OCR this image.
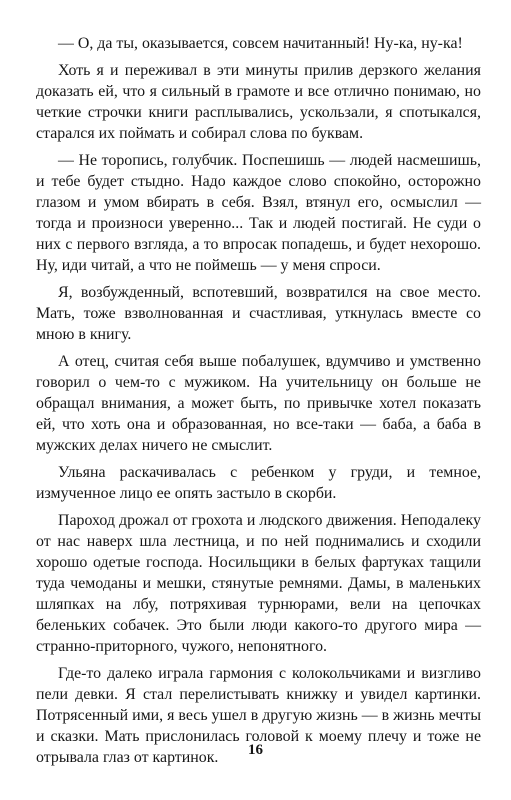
— О, да ты, оказывается, совсем начитанный! Ну-ка, ну-ка!

Хоть я и переживал в эти минуты прилив дерзкого желания доказать ей, что я сильный в грамоте и все отлично понимаю, но четкие строчки книги расплывались, ускользали, я спотыкался, старался их поймать и собирал слова по буквам.

— Не торопись, голубчик. Поспешишь — людей насмешишь, и тебе будет стыдно. Надо каждое слово спокойно, осторожно глазом и умом вбирать в себя. Взял, втянул его, осмыслил — тогда и произноси уверенно... Так и людей постигай. Не суди о них с первого взгляда, а то впросак попадешь, и будет нехорошо. Ну, иди читай, а что не поймешь — у меня спроси.

Я, возбужденный, вспотевший, возвратился на свое место. Мать, тоже взволнованная и счастливая, уткнулась вместе со мною в книгу.

А отец, считая себя выше побалушек, вдумчиво и умственно говорил о чем-то с мужиком. На учительницу он больше не обращал внимания, а может быть, по привычке хотел показать ей, что хоть она и образованная, но все-таки — баба, а баба в мужских делах ничего не смыслит.

Ульяна раскачивалась с ребенком у груди, и темное, измученное лицо ее опять застыло в скорби.

Пароход дрожал от грохота и людского движения. Неподалеку от нас наверх шла лестница, и по ней поднимались и сходили хорошо одетые господа. Носильщики в белых фартуках тащили туда чемоданы и мешки, стянутые ремнями. Дамы, в маленьких шляпках на лбу, потряхивая турнюрами, вели на цепочках беленьких собачек. Это были люди какого-то другого мира — странно-приторного, чужого, непонятного.

Где-то далеко играла гармония с колокольчиками и визгливо пели девки. Я стал перелистывать книжку и увидел картинки. Потрясенный ими, я весь ушел в другую жизнь — в жизнь мечты и сказки. Мать прислонилась головой к моему плечу и тоже не отрывала глаз от картинок.	16
